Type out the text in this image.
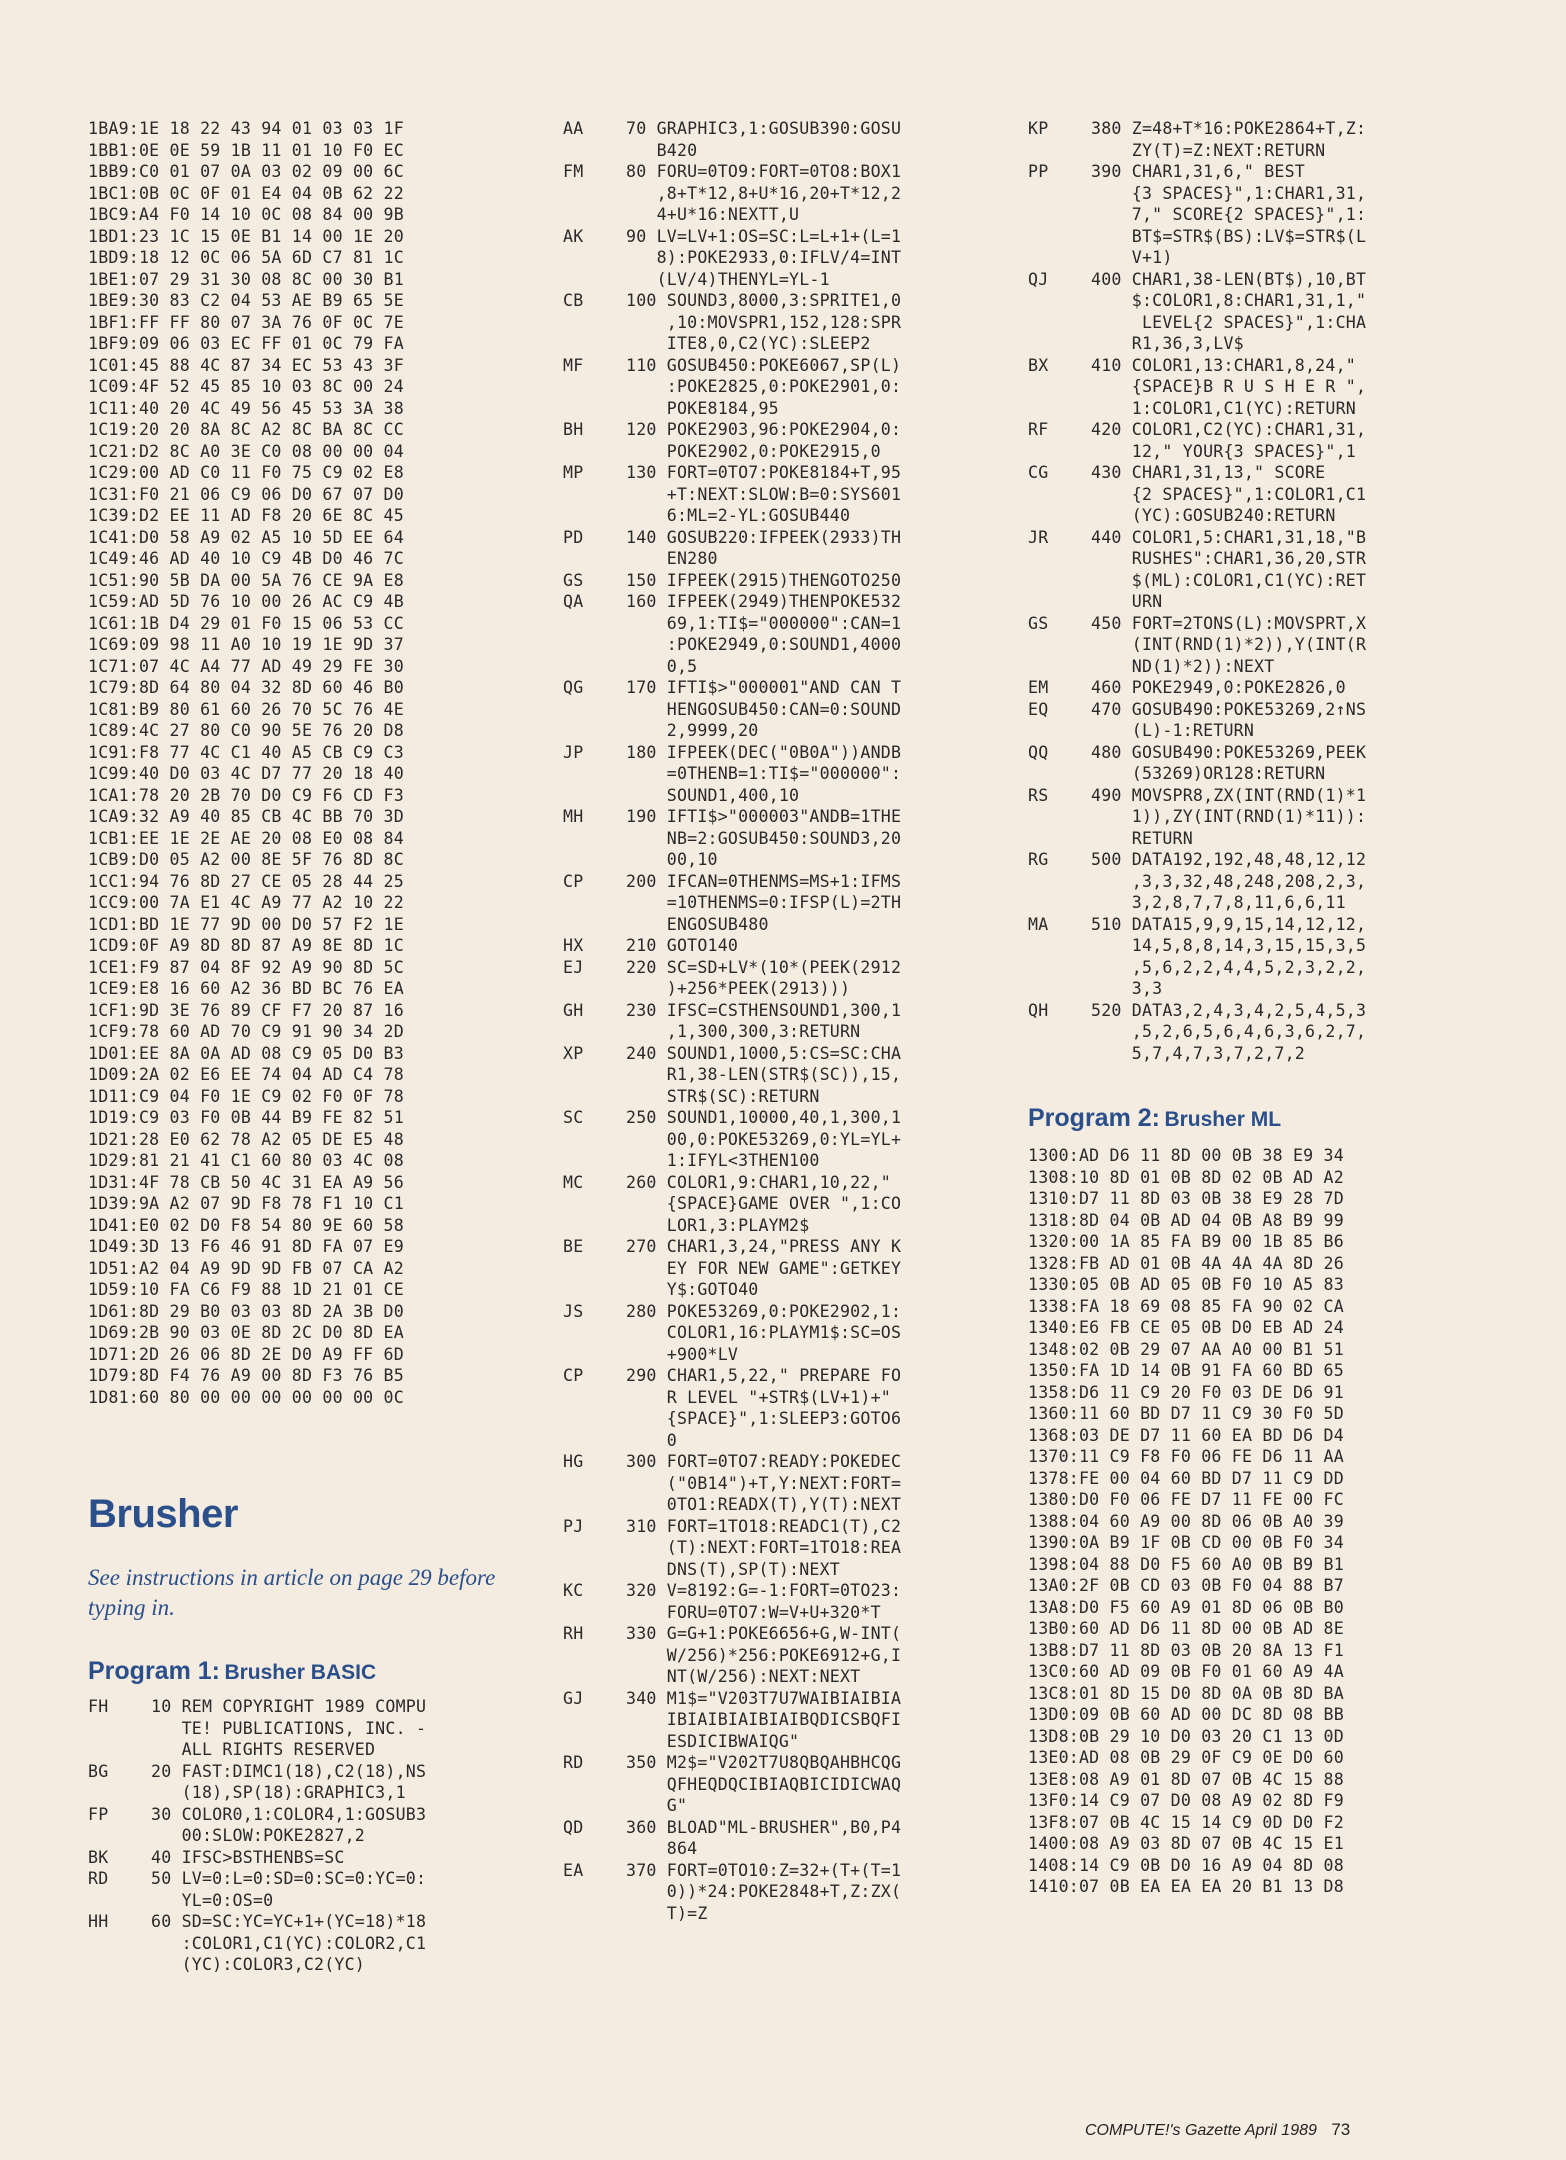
1BA9:1E 18 22 43 94 01 03 03 1F
1BB1:0E 0E 59 1B 11 01 10 F0 EC
1BB9:C0 01 07 0A 03 02 09 00 6C
1BC1:0B 0C 0F 01 E4 04 0B 62 22
1BC9:A4 F0 14 10 0C 08 84 00 9B
1BD1:23 1C 15 0E B1 14 00 1E 20
1BD9:18 12 0C 06 5A 6D C7 81 1C
1BE1:07 29 31 30 08 8C 00 30 B1
1BE9:30 83 C2 04 53 AE B9 65 5E
1BF1:FF FF 80 07 3A 76 0F 0C 7E
1BF9:09 06 03 EC FF 01 0C 79 FA
1C01:45 88 4C 87 34 EC 53 43 3F
1C09:4F 52 45 85 10 03 8C 00 24
1C11:40 20 4C 49 56 45 53 3A 38
1C19:20 20 8A 8C A2 8C BA 8C CC
1C21:D2 8C A0 3E C0 08 00 00 04
1C29:00 AD C0 11 F0 75 C9 02 E8
1C31:F0 21 06 C9 06 D0 67 07 D0
1C39:D2 EE 11 AD F8 20 6E 8C 45
1C41:D0 58 A9 02 A5 10 5D EE 64
1C49:46 AD 40 10 C9 4B D0 46 7C
1C51:90 5B DA 00 5A 76 CE 9A E8
1C59:AD 5D 76 10 00 26 AC C9 4B
1C61:1B D4 29 01 F0 15 06 53 CC
1C69:09 98 11 A0 10 19 1E 9D 37
1C71:07 4C A4 77 AD 49 29 FE 30
1C79:8D 64 80 04 32 8D 60 46 B0
1C81:B9 80 61 60 26 70 5C 76 4E
1C89:4C 27 80 C0 90 5E 76 20 D8
1C91:F8 77 4C C1 40 A5 CB C9 C3
1C99:40 D0 03 4C D7 77 20 18 40
1CA1:78 20 2B 70 D0 C9 F6 CD F3
1CA9:32 A9 40 85 CB 4C BB 70 3D
1CB1:EE 1E 2E AE 20 08 E0 08 84
1CB9:D0 05 A2 00 8E 5F 76 8D 8C
1CC1:94 76 8D 27 CE 05 28 44 25
1CC9:00 7A E1 4C A9 77 A2 10 22
1CD1:BD 1E 77 9D 00 D0 57 F2 1E
1CD9:0F A9 8D 8D 87 A9 8E 8D 1C
1CE1:F9 87 04 8F 92 A9 90 8D 5C
1CE9:E8 16 60 A2 36 BD BC 76 EA
1CF1:9D 3E 76 89 CF F7 20 87 16
1CF9:78 60 AD 70 C9 91 90 34 2D
1D01:EE 8A 0A AD 08 C9 05 D0 B3
1D09:2A 02 E6 EE 74 04 AD C4 78
1D11:C9 04 F0 1E C9 02 F0 0F 78
1D19:C9 03 F0 0B 44 B9 FE 82 51
1D21:28 E0 62 78 A2 05 DE E5 48
1D29:81 21 41 C1 60 80 03 4C 08
1D31:4F 78 CB 50 4C 31 EA A9 56
1D39:9A A2 07 9D F8 78 F1 10 C1
1D41:E0 02 D0 F8 54 80 9E 60 58
1D49:3D 13 F6 46 91 8D FA 07 E9
1D51:A2 04 A9 9D 9D FB 07 CA A2
1D59:10 FA C6 F9 88 1D 21 01 CE
1D61:8D 29 B0 03 03 8D 2A 3B D0
1D69:2B 90 03 0E 8D 2C D0 8D EA
1D71:2D 26 06 8D 2E D0 A9 FF 6D
1D79:8D F4 76 A9 00 8D F3 76 B5
1D81:60 80 00 00 00 00 00 00 0C
Brusher

See instructions in article on page 29 before typing in.

Program 1: Brusher BASIC
FH	10 REM COPYRIGHT 1989 COMPU
TE! PUBLICATIONS, INC. -
ALL RIGHTS RESERVED
BG	20 FAST:DIMC1(18),C2(18),NS
(18),SP(18):GRAPHIC3,1
FP	30 COLOR0,1:COLOR4,1:GOSUB3
00:SLOW:POKE2827,2
BK	40 IFSC>BSTHENBS=SC
RD	50 LV=0:L=0:SD=0:SC=0:YC=0:
YL=0:OS=0
HH	60 SD=SC:YC=YC+1+(YC=18)*18
:COLOR1,C1(YC):COLOR2,C1
(YC):COLOR3,C2(YC)
AA	70 GRAPHIC3,1:GOSUB390:GOSU
B420
FM	80 FORU=0TO9:FORT=0TO8:BOX1
,8+T*12,8+U*16,20+T*12,2
4+U*16:NEXTT,U
AK	90 LV=LV+1:OS=SC:L=L+1+(L=1
8):POKE2933,0:IFLV/4=INT
(LV/4)THENYL=YL-1
CB	100 SOUND3,8000,3:SPRITE1,0
,10:MOVSPR1,152,128:SPR
ITE8,0,C2(YC):SLEEP2
MF	110 GOSUB450:POKE6067,SP(L)
:POKE2825,0:POKE2901,0:
POKE8184,95
BH	120 POKE2903,96:POKE2904,0:
POKE2902,0:POKE2915,0
MP	130 FORT=0TO7:POKE8184+T,95
+T:NEXT:SLOW:B=0:SYS601
6:ML=2-YL:GOSUB440
PD	140 GOSUB220:IFPEEK(2933)TH
EN280
GS	150 IFPEEK(2915)THENGOTO250
QA	160 IFPEEK(2949)THENPOKE532
69,1:TI$="000000":CAN=1
:POKE2949,0:SOUND1,4000
0,5
QG	170 IFTI$>"000001"AND CAN T
HENGOSUB450:CAN=0:SOUND
2,9999,20
JP	180 IFPEEK(DEC("0B0A"))ANDB
=0THENB=1:TI$="000000":
SOUND1,400,10
MH	190 IFTI$>"000003"ANDB=1THE
NB=2:GOSUB450:SOUND3,20
00,10
CP	200 IFCAN=0THENMS=MS+1:IFMS
=10THENMS=0:IFSP(L)=2TH
ENGOSUB480
HX	210 GOTO140
EJ	220 SC=SD+LV*(10*(PEEK(2912
)+256*PEEK(2913)))
GH	230 IFSC=CSTHENSOUND1,300,1
,1,300,300,3:RETURN
XP	240 SOUND1,1000,5:CS=SC:CHA
R1,38-LEN(STR$(SC)),15,
STR$(SC):RETURN
SC	250 SOUND1,10000,40,1,300,1
00,0:POKE53269,0:YL=YL+
1:IFYL<3THEN100
MC	260 COLOR1,9:CHAR1,10,22,"
{SPACE}GAME OVER ",1:CO
LOR1,3:PLAYM2$
BE	270 CHAR1,3,24,"PRESS ANY K
EY FOR NEW GAME":GETKEY
Y$:GOTO40
JS	280 POKE53269,0:POKE2902,1:
COLOR1,16:PLAYM1$:SC=OS
+900*LV
CP	290 CHAR1,5,22," PREPARE FO
R LEVEL "+STR$(LV+1)+"
{SPACE}",1:SLEEP3:GOTO6
0
HG	300 FORT=0TO7:READY:POKEDEC
("0B14")+T,Y:NEXT:FORT=
0TO1:READX(T),Y(T):NEXT
PJ	310 FORT=1TO18:READC1(T),C2
(T):NEXT:FORT=1TO18:REA
DNS(T),SP(T):NEXT
KC	320 V=8192:G=-1:FORT=0TO23:
FORU=0TO7:W=V+U+320*T
RH	330 G=G+1:POKE6656+G,W-INT(
W/256)*256:POKE6912+G,I
NT(W/256):NEXT:NEXT
GJ	340 M1$="V203T7U7WAIBIAIBIA
IBIAIBIAIBIAIBQDICSBQFI
ESDICIBWAIQG"
RD	350 M2$="V202T7U8QBQAHBHCQG
QFHEQDQCIBIAQBICIDICWAQ
G"
QD	360 BLOAD"ML-BRUSHER",B0,P4
864
EA	370 FORT=0TO10:Z=32+(T+(T=1
0))*24:POKE2848+T,Z:ZX(
T)=Z
KP	380 Z=48+T*16:POKE2864+T,Z:
ZY(T)=Z:NEXT:RETURN
PP	390 CHAR1,31,6," BEST
{3 SPACES}",1:CHAR1,31,
7," SCORE{2 SPACES}",1:
BT$=STR$(BS):LV$=STR$(L
V+1)
QJ	400 CHAR1,38-LEN(BT$),10,BT
$:COLOR1,8:CHAR1,31,1,"
LEVEL{2 SPACES}",1:CHA
R1,36,3,LV$
BX	410 COLOR1,13:CHAR1,8,24,"
{SPACE}B R U S H E R ",
1:COLOR1,C1(YC):RETURN
RF	420 COLOR1,C2(YC):CHAR1,31,
12," YOUR{3 SPACES}",1
CG	430 CHAR1,31,13," SCORE
{2 SPACES}",1:COLOR1,C1
(YC):GOSUB240:RETURN
JR	440 COLOR1,5:CHAR1,31,18,"B
RUSHES":CHAR1,36,20,STR
$(ML):COLOR1,C1(YC):RET
URN
GS	450 FORT=2TONS(L):MOVSPRT,X
(INT(RND(1)*2)),Y(INT(R
ND(1)*2)):NEXT
EM	460 POKE2949,0:POKE2826,0
EQ	470 GOSUB490:POKE53269,2↑NS
(L)-1:RETURN
QQ	480 GOSUB490:POKE53269,PEEK
(53269)OR128:RETURN
RS	490 MOVSPR8,ZX(INT(RND(1)*1
1)),ZY(INT(RND(1)*11)):
RETURN
RG	500 DATA192,192,48,48,12,12
,3,3,32,48,248,208,2,3,
3,2,8,7,7,8,11,6,6,11
MA	510 DATA15,9,9,15,14,12,12,
14,5,8,8,14,3,15,15,3,5
,5,6,2,2,4,4,5,2,3,2,2,
3,3
QH	520 DATA3,2,4,3,4,2,5,4,5,3
,5,2,6,5,6,4,6,3,6,2,7,
5,7,4,7,3,7,2,7,2
Program 2: Brusher ML
1300:AD D6 11 8D 00 0B 38 E9 34
1308:10 8D 01 0B 8D 02 0B AD A2
1310:D7 11 8D 03 0B 38 E9 28 7D
1318:8D 04 0B AD 04 0B A8 B9 99
1320:00 1A 85 FA B9 00 1B 85 B6
1328:FB AD 01 0B 4A 4A 4A 8D 26
1330:05 0B AD 05 0B F0 10 A5 83
1338:FA 18 69 08 85 FA 90 02 CA
1340:E6 FB CE 05 0B D0 EB AD 24
1348:02 0B 29 07 AA A0 00 B1 51
1350:FA 1D 14 0B 91 FA 60 BD 65
1358:D6 11 C9 20 F0 03 DE D6 91
1360:11 60 BD D7 11 C9 30 F0 5D
1368:03 DE D7 11 60 EA BD D6 D4
1370:11 C9 F8 F0 06 FE D6 11 AA
1378:FE 00 04 60 BD D7 11 C9 DD
1380:D0 F0 06 FE D7 11 FE 00 FC
1388:04 60 A9 00 8D 06 0B A0 39
1390:0A B9 1F 0B CD 00 0B F0 34
1398:04 88 D0 F5 60 A0 0B B9 B1
13A0:2F 0B CD 03 0B F0 04 88 B7
13A8:D0 F5 60 A9 01 8D 06 0B B0
13B0:60 AD D6 11 8D 00 0B AD 8E
13B8:D7 11 8D 03 0B 20 8A 13 F1
13C0:60 AD 09 0B F0 01 60 A9 4A
13C8:01 8D 15 D0 8D 0A 0B 8D BA
13D0:09 0B 60 AD 00 DC 8D 08 BB
13D8:0B 29 10 D0 03 20 C1 13 0D
13E0:AD 08 0B 29 0F C9 0E D0 60
13E8:08 A9 01 8D 07 0B 4C 15 88
13F0:14 C9 07 D0 08 A9 02 8D F9
13F8:07 0B 4C 15 14 C9 0D D0 F2
1400:08 A9 03 8D 07 0B 4C 15 E1
1408:14 C9 0B D0 16 A9 04 8D 08
1410:07 0B EA EA EA 20 B1 13 D8
COMPUTE!'s Gazette April 1989 73
